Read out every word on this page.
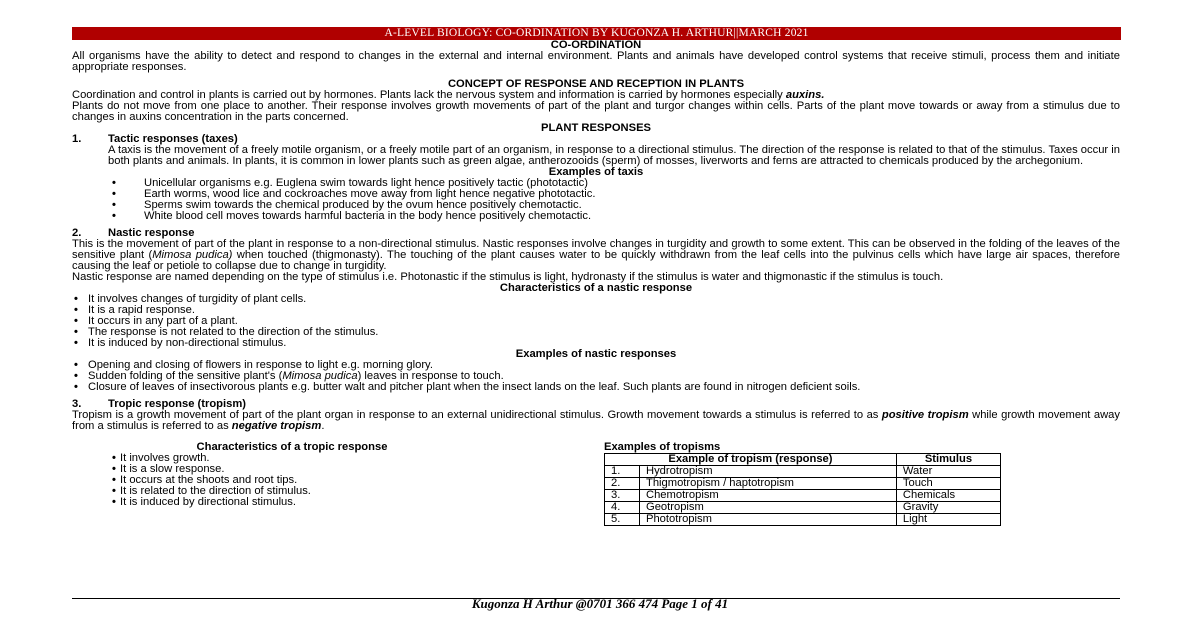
A-LEVEL BIOLOGY: CO-ORDINATION BY KUGONZA H. ARTHUR||MARCH 2021
CO-ORDINATION

All organisms have the ability to detect and respond to changes in the external and internal environment. Plants and animals have developed control systems that receive stimuli, process them and initiate appropriate responses.

CONCEPT OF RESPONSE AND RECEPTION IN PLANTS

Coordination and control in plants is carried out by hormones. Plants lack the nervous system and information is carried by hormones especially auxins.

Plants do not move from one place to another. Their response involves growth movements of part of the plant and turgor changes within cells. Parts of the plant move towards or away from a stimulus due to changes in auxins concentration in the parts concerned.

PLANT RESPONSES
1.	Tactic responses (taxes)

A taxis is the movement of a freely motile organism, or a freely motile part of an organism, in response to a directional stimulus. The direction of the response is related to that of the stimulus. Taxes occur in both plants and animals. In plants, it is common in lower plants such as green algae, antherozooids (sperm) of mosses, liverworts and ferns are attracted to chemicals produced by the archegonium.

Examples of taxis
• Unicellular organisms e.g. Euglena swim towards light hence positively tactic (phototactic)
• Earth worms, wood lice and cockroaches move away from light hence negative phototactic.
• Sperms swim towards the chemical produced by the ovum hence positively chemotactic.
• White blood cell moves towards harmful bacteria in the body hence positively chemotactic.
2.	Nastic response

This is the movement of part of the plant in response to a non-directional stimulus. Nastic responses involve changes in turgidity and growth to some extent. This can be observed in the folding of the leaves of the sensitive plant (Mimosa pudica) when touched (thigmonasty). The touching of the plant causes water to be quickly withdrawn from the leaf cells into the pulvinus cells which have large air spaces, therefore causing the leaf or petiole to collapse due to change in turgidity.

Nastic response are named depending on the type of stimulus i.e. Photonastic if the stimulus is light, hydronasty if the stimulus is water and thigmonastic if the stimulus is touch.

Characteristics of a nastic response
• It involves changes of turgidity of plant cells.
• It is a rapid response.
• It occurs in any part of a plant.
• The response is not related to the direction of the stimulus.
• It is induced by non-directional stimulus.
Examples of nastic responses
• Opening and closing of flowers in response to light e.g. morning glory.
• Sudden folding of the sensitive plant's (Mimosa pudica) leaves in response to touch.
• Closure of leaves of insectivorous plants e.g. butter walt and pitcher plant when the insect lands on the leaf. Such plants are found in nitrogen deficient soils.
3.	Tropic response (tropism)

Tropism is a growth movement of part of the plant organ in response to an external unidirectional stimulus. Growth movement towards a stimulus is referred to as positive tropism while growth movement away from a stimulus is referred to as negative tropism.

Characteristics of a tropic response
• It involves growth.
• It is a slow response.
• It occurs at the shoots and root tips.
• It is related to the direction of stimulus.
• It is induced by directional stimulus.
Examples of tropisms
Example of tropism (response)		Stimulus
1.	Hydrotropism	Water
2.	Thigmotropism / haptotropism	Touch
3.	Chemotropism	Chemicals
4.	Geotropism	Gravity
5.	Phototropism	Light
Kugonza H Arthur @0701 366 474 Page 1 of 41
